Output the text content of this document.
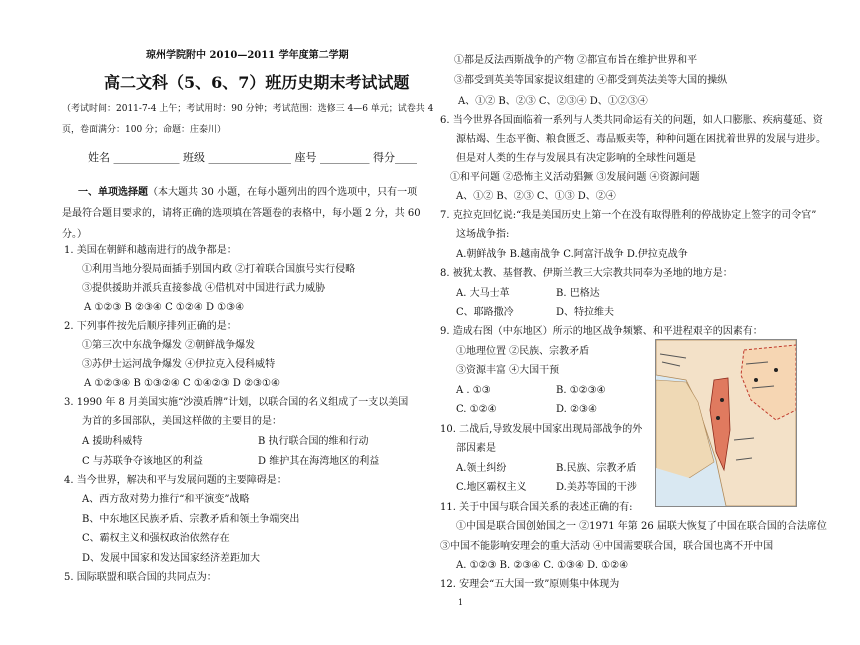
琼州学院附中 2010—2011 学年度第二学期
高二文科（5、6、7）班历史期末考试试题
（考试时间：2011-7-4 上午；考试用时：90 分钟；考试范围：选修三 4—6 单元；试卷共 4
页，卷面满分：100 分；命题：庄泰川）
姓名 ____________ 班级 _______________ 座号 _________ 得分____
一、单项选择题（本大题共 30 小题，在每小题列出的四个选项中，只有一项
是最符合题目要求的，请将正确的选项填在答题卷的表格中，每小题 2 分，共 60
分。）
1. 美国在朝鲜和越南进行的战争都是：
①利用当地分裂局面插手别国内政 ②打着联合国旗号实行侵略
③提供援助并派兵直接参战 ④借机对中国进行武力威胁
A ①②③ B ②③④ C ①②④ D ①③④
2. 下列事件按先后顺序排列正确的是：
①第三次中东战争爆发 ②朝鲜战争爆发
③苏伊士运河战争爆发 ④伊拉克入侵科威特
A ①②③④ B ①③②④ C ①④②③ D ②③①④
3. 1990 年 8 月美国实施“沙漠盾牌”计划，以联合国的名义组成了一支以美国
为首的多国部队，美国这样做的主要目的是：
A 援助科威特	B 执行联合国的维和行动
C 与苏联争夺该地区的利益	D 维护其在海湾地区的利益
4. 当今世界，解决和平与发展问题的主要障碍是：
A、西方敌对势力推行“和平演变”战略
B、中东地区民族矛盾、宗教矛盾和领土争端突出
C、霸权主义和强权政治依然存在
D、发展中国家和发达国家经济差距加大
5. 国际联盟和联合国的共同点为：
①都是反法西斯战争的产物 ②都宣布旨在维护世界和平
③都受到英美等国家提议组建的 ④都受到英法美等大国的操纵
A、①② B、②③ C、②③④ D、①②③④
6. 当今世界各国面临着一系列与人类共同命运有关的问题，如人口膨胀、疾病蔓延、资
源枯竭、生态平衡、粮食匮乏、毒品贩卖等，种种问题在困扰着世界的发展与进步。
但是对人类的生存与发展具有决定影响的全球性问题是
①和平问题 ②恐怖主义活动猖獗 ③发展问题 ④资源问题
A、①② B、②③ C、①③ D、②④
7. 克拉克回忆说:“我是美国历史上第一个在没有取得胜利的停战协定上签字的司令官”
这场战争指:
A.朝鲜战争 B.越南战争 C.阿富汗战争 D.伊拉克战争
8. 被犹太教、基督教、伊斯兰教三大宗教共同奉为圣地的地方是：
A. 大马士革	B. 巴格达
C、耶路撒冷	D、特拉维夫
9. 造成右图（中东地区）所示的地区战争频繁、和平进程艰辛的因素有：
①地理位置 ②民族、宗教矛盾
③资源丰富 ④大国干预
A . ①③	B. ①②③④
C. ①②④	D. ②③④
10. 二战后,导致发展中国家出现局部战争的外
部因素是
A.领土纠纷	B.民族、宗教矛盾
C.地区霸权主义	D.美苏等国的干涉
11. 关于中国与联合国关系的表述正确的有:
①中国是联合国创始国之一 ②1971 年第 26 届联大恢复了中国在联合国的合法席位
③中国不能影响安理会的重大活动 ④中国需要联合国，联合国也离不开中国
A. ①②③ B. ②③④ C. ①③④ D. ①②④
12. 安理会“五大国一致”原则集中体现为
1
